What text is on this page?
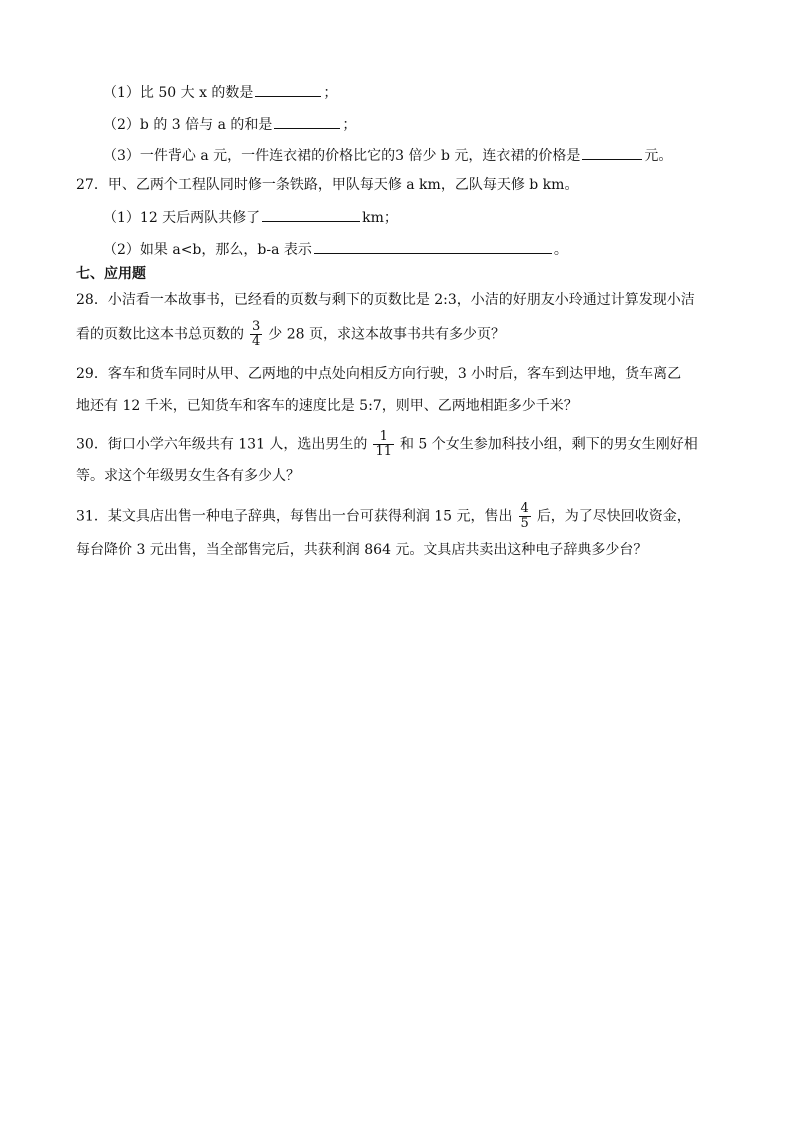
（1）比 50 大 x 的数是	；
（2）b 的 3 倍与 a 的和是	；
（3）一件背心 a 元，一件连衣裙的价格比它的3 倍少 b 元，连衣裙的价格是	元。
27．甲、乙两个工程队同时修一条铁路，甲队每天修 a km，乙队每天修 b km。
（1）12 天后两队共修了	km；
（2）如果 a<b，那么，b-a 表示	。
七、应用题
28．小洁看一本故事书，已经看的页数与剩下的页数比是 2:3，小洁的好朋友小玲通过计算发现小洁
看的页数比这本书总页数的 $\frac{3}{4}$ 少 28 页，求这本故事书共有多少页？
29．客车和货车同时从甲、乙两地的中点处向相反方向行驶，3 小时后，客车到达甲地，货车离乙
地还有 12 千米，已知货车和客车的速度比是 5:7，则甲、乙两地相距多少千米？
30．街口小学六年级共有 131 人，选出男生的 $\frac{1}{11}$ 和 5 个女生参加科技小组，剩下的男女生刚好相
等。求这个年级男女生各有多少人？
31．某文具店出售一种电子辞典，每售出一台可获得利润 15 元，售出 $\frac{4}{5}$ 后，为了尽快回收资金，
每台降价 3 元出售，当全部售完后，共获利润 864 元。文具店共卖出这种电子辞典多少台？
